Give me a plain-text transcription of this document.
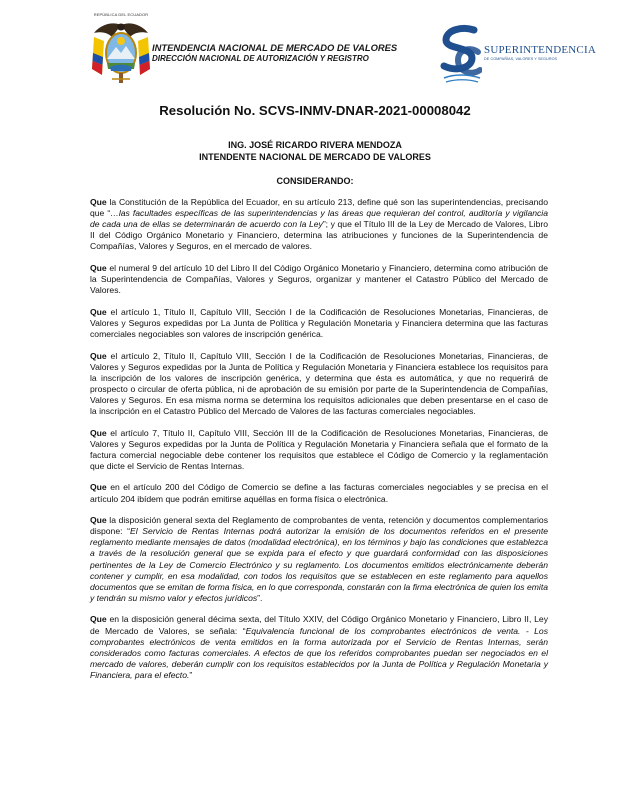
REPÚBLICA DEL ECUADOR
INTENDENCIA NACIONAL DE MERCADO DE VALORES
DIRECCIÓN NACIONAL DE AUTORIZACIÓN Y REGISTRO
SUPERINTENDENCIA
DE COMPAÑÍAS, VALORES Y SEGUROS
Resolución No. SCVS-INMV-DNAR-2021-00008042
ING. JOSÉ RICARDO RIVERA MENDOZA
INTENDENTE NACIONAL DE MERCADO DE VALORES
CONSIDERANDO:

Que la Constitución de la República del Ecuador, en su artículo 213, define qué son las superintendencias, precisando que “…las facultades específicas de las superintendencias y las áreas que requieran del control, auditoría y vigilancia de cada una de ellas se determinarán de acuerdo con la Ley”; y que el Título III de la Ley de Mercado de Valores, Libro II del Código Orgánico Monetario y Financiero, determina las atribuciones y funciones de la Superintendencia de Compañías, Valores y Seguros, en el mercado de valores.

Que el numeral 9 del artículo 10 del Libro II del Código Orgánico Monetario y Financiero, determina como atribución de la Superintendencia de Compañías, Valores y Seguros, organizar y mantener el Catastro Público del Mercado de Valores.

Que el artículo 1, Título II, Capítulo VIII, Sección I de la Codificación de Resoluciones Monetarias, Financieras, de Valores y Seguros expedidas por La Junta de Política y Regulación Monetaria y Financiera determina que las facturas comerciales negociables son valores de inscripción genérica.

Que el artículo 2, Título II, Capítulo VIII, Sección I de la Codificación de Resoluciones Monetarias, Financieras, de Valores y Seguros expedidas por la Junta de Política y Regulación Monetaria y Financiera establece los requisitos para la inscripción de los valores de inscripción genérica, y determina que ésta es automática, y que no requerirá de prospecto o circular de oferta pública, ni de aprobación de su emisión por parte de la Superintendencia de Compañías, Valores y Seguros. En esa misma norma se determina los requisitos adicionales que deben presentarse en el caso de la inscripción en el Catastro Público del Mercado de Valores de las facturas comerciales negociables.

Que el artículo 7, Título II, Capítulo VIII, Sección III de la Codificación de Resoluciones Monetarias, Financieras, de Valores y Seguros expedidas por la Junta de Política y Regulación Monetaria y Financiera señala que el formato de la factura comercial negociable debe contener los requisitos que establece el Código de Comercio y la reglamentación que dicte el Servicio de Rentas Internas.

Que en el artículo 200 del Código de Comercio se define a las facturas comerciales negociables y se precisa en el artículo 204 ibídem que podrán emitirse aquéllas en forma física o electrónica.

Que la disposición general sexta del Reglamento de comprobantes de venta, retención y documentos complementarios dispone: “El Servicio de Rentas Internas podrá autorizar la emisión de los documentos referidos en el presente reglamento mediante mensajes de datos (modalidad electrónica), en los términos y bajo las condiciones que establezca a través de la resolución general que se expida para el efecto y que guardará conformidad con las disposiciones pertinentes de la Ley de Comercio Electrónico y su reglamento. Los documentos emitidos electrónicamente deberán contener y cumplir, en esa modalidad, con todos los requisitos que se establecen en este reglamento para aquellos documentos que se emitan de forma física, en lo que corresponda, constarán con la firma electrónica de quien los emita y tendrán su mismo valor y efectos jurídicos”.

Que en la disposición general décima sexta, del Título XXIV, del Código Orgánico Monetario y Financiero, Libro II, Ley de Mercado de Valores, se señala: “Equivalencia funcional de los comprobantes electrónicos de venta. - Los comprobantes electrónicos de venta emitidos en la forma autorizada por el Servicio de Rentas Internas, serán considerados como facturas comerciales. A efectos de que los referidos comprobantes puedan ser negociados en el mercado de valores, deberán cumplir con los requisitos establecidos por la Junta de Política y Regulación Monetaria y Financiera, para el efecto.”
